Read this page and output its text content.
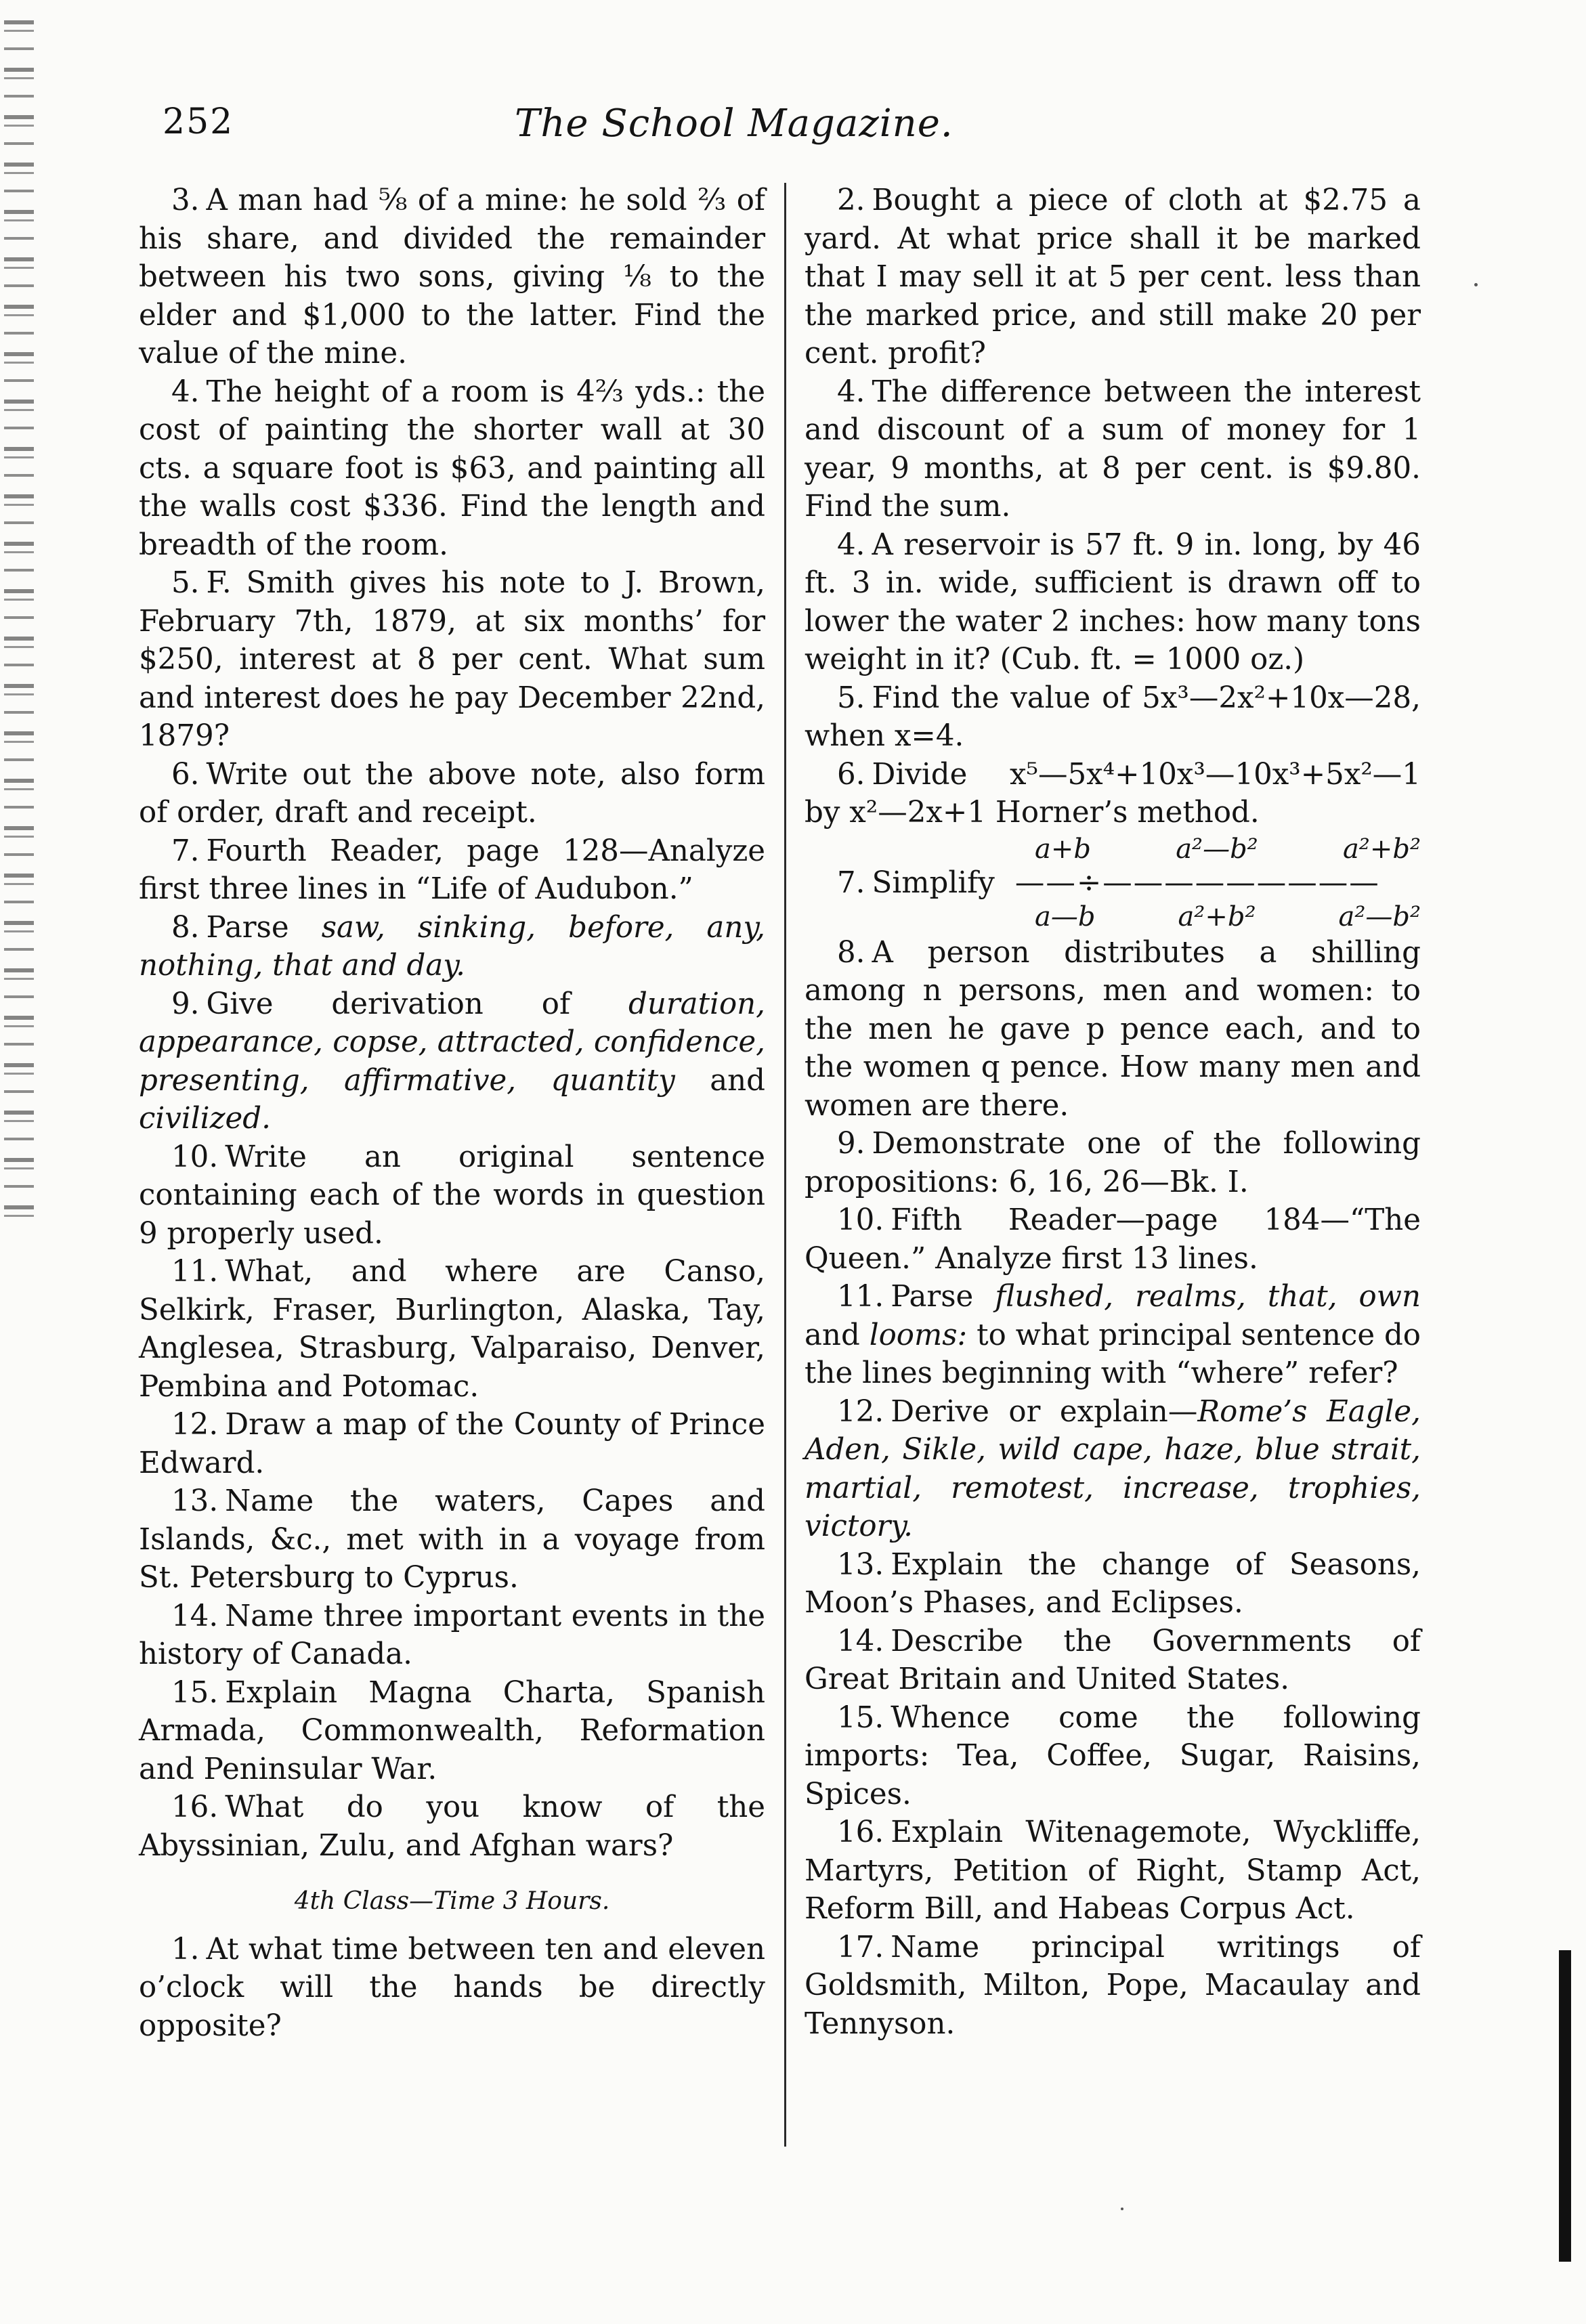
252	The School Magazine.

3. A man had ⅝ of a mine: he sold ⅔ of his share, and divided the remainder between his two sons, giving ⅛ to the elder and $1,000 to the latter. Find the value of the mine.

4. The height of a room is 4⅔ yds.: the cost of painting the shorter wall at 30 cts. a square foot is $63, and painting all the walls cost $336. Find the length and breadth of the room.

5. F. Smith gives his note to J. Brown, February 7th, 1879, at six months’ for $250, interest at 8 per cent. What sum and interest does he pay December 22nd, 1879?

6. Write out the above note, also form of order, draft and receipt.

7. Fourth Reader, page 128—Analyze first three lines in “Life of Audubon.”

8. Parse saw, sinking, before, any, nothing, that and day.

9. Give derivation of duration, appearance, copse, attracted, confidence, presenting, affirmative, quantity and civilized.

10. Write an original sentence containing each of the words in question 9 properly used.

11. What, and where are Canso, Selkirk, Fraser, Burlington, Alaska, Tay, Anglesea, Strasburg, Valparaiso, Denver, Pembina and Potomac.

12. Draw a map of the County of Prince Edward.

13. Name the waters, Capes and Islands, &c., met with in a voyage from St. Petersburg to Cyprus.

14. Name three important events in the history of Canada.

15. Explain Magna Charta, Spanish Armada, Commonwealth, Reformation and Peninsular War.

16. What do you know of the Abyssinian, Zulu, and Afghan wars?

4th Class—Time 3 Hours.

1. At what time between ten and eleven o’clock will the hands be directly opposite?

2. Bought a piece of cloth at $2.75 a yard. At what price shall it be marked that I may sell it at 5 per cent. less than the marked price, and still make 20 per cent. profit?

4. The difference between the interest and discount of a sum of money for 1 year, 9 months, at 8 per cent. is $9.80. Find the sum.

4. A reservoir is 57 ft. 9 in. long, by 46 ft. 3 in. wide, sufficient is drawn off to lower the water 2 inches: how many tons weight in it? (Cub. ft. = 1000 oz.)

5. Find the value of 5x³—2x²+10x—28, when x=4.

6. Divide x⁵—5x⁴+10x³—10x³+5x²—1 by x²—2x+1 Horner’s method.

a+b	a²—b²	a²+b²

7. Simplify ——÷—————————

a—b	a²+b²	a²—b²

8. A person distributes a shilling among n persons, men and women: to the men he gave p pence each, and to the women q pence. How many men and women are there.

9. Demonstrate one of the following propositions: 6, 16, 26—Bk. I.

10. Fifth Reader—page 184—“The Queen.” Analyze first 13 lines.

11. Parse flushed, realms, that, own and looms: to what principal sentence do the lines beginning with “where” refer?

12. Derive or explain—Rome’s Eagle, Aden, Sikle, wild cape, haze, blue strait, martial, remotest, increase, trophies, victory.

13. Explain the change of Seasons, Moon’s Phases, and Eclipses.

14. Describe the Governments of Great Britain and United States.

15. Whence come the following imports: Tea, Coffee, Sugar, Raisins, Spices.

16. Explain Witenagemote, Wyckliffe, Martyrs, Petition of Right, Stamp Act, Reform Bill, and Habeas Corpus Act.

17. Name principal writings of Goldsmith, Milton, Pope, Macaulay and Tennyson.
